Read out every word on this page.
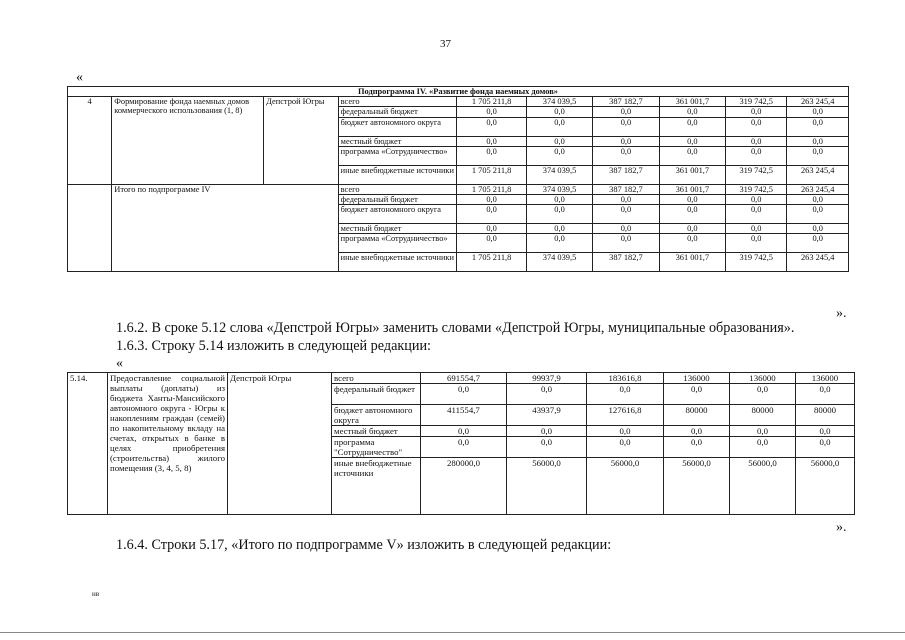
37
«
Подпрограмма IV. «Развитие фонда наемных домов»									
4	Формирование фонда наемных домов коммерческого использования (1, 8)	Депстрой Югры	всего	1 705 211,8	374 039,5	387 182,7	361 001,7	319 742,5	263 245,4
			федеральный бюджет	0,0	0,0	0,0	0,0	0,0	0,0
			бюджет автономного округа	0,0	0,0	0,0	0,0	0,0	0,0
			местный бюджет	0,0	0,0	0,0	0,0	0,0	0,0
			программа «Сотрудничество»	0,0	0,0	0,0	0,0	0,0	0,0
			иные внебюджетные источники	1 705 211,8	374 039,5	387 182,7	361 001,7	319 742,5	263 245,4
	Итого по подпрограмме IV		всего	1 705 211,8	374 039,5	387 182,7	361 001,7	319 742,5	263 245,4
			федеральный бюджет	0,0	0,0	0,0	0,0	0,0	0,0
			бюджет автономного округа	0,0	0,0	0,0	0,0	0,0	0,0
			местный бюджет	0,0	0,0	0,0	0,0	0,0	0,0
			программа «Сотрудничество»	0,0	0,0	0,0	0,0	0,0	0,0
			иные внебюджетные источники	1 705 211,8	374 039,5	387 182,7	361 001,7	319 742,5	263 245,4
».
1.6.2. В сроке 5.12 слова «Депстрой Югры» заменить словами «Депстрой Югры, муниципальные образования».
1.6.3. Строку 5.14 изложить в следующей редакции:
«
5.14.	Предоставление социальной выплаты (доплаты) из бюджета Ханты-Мансийского автономного округа - Югры к накоплениям граждан (семей) по накопительному вкладу на счетах, открытых в банке в целях приобретения (строительства) жилого помещения (3, 4, 5, 8)	Депстрой Югры	всего	691554,7	99937,9	183616,8	136000	136000	136000
			федеральный бюджет	0,0	0,0	0,0	0,0	0,0	0,0
			бюджет автономного округа	411554,7	43937,9	127616,8	80000	80000	80000
			местный бюджет	0,0	0,0	0,0	0,0	0,0	0,0
			программа "Сотрудничество"	0,0	0,0	0,0	0,0	0,0	0,0
			иные внебюджетные источники	280000,0	56000,0	56000,0	56000,0	56000,0	56000,0
».
1.6.4. Строки 5.17, «Итого по подпрограмме V» изложить в следующей редакции:
нв
